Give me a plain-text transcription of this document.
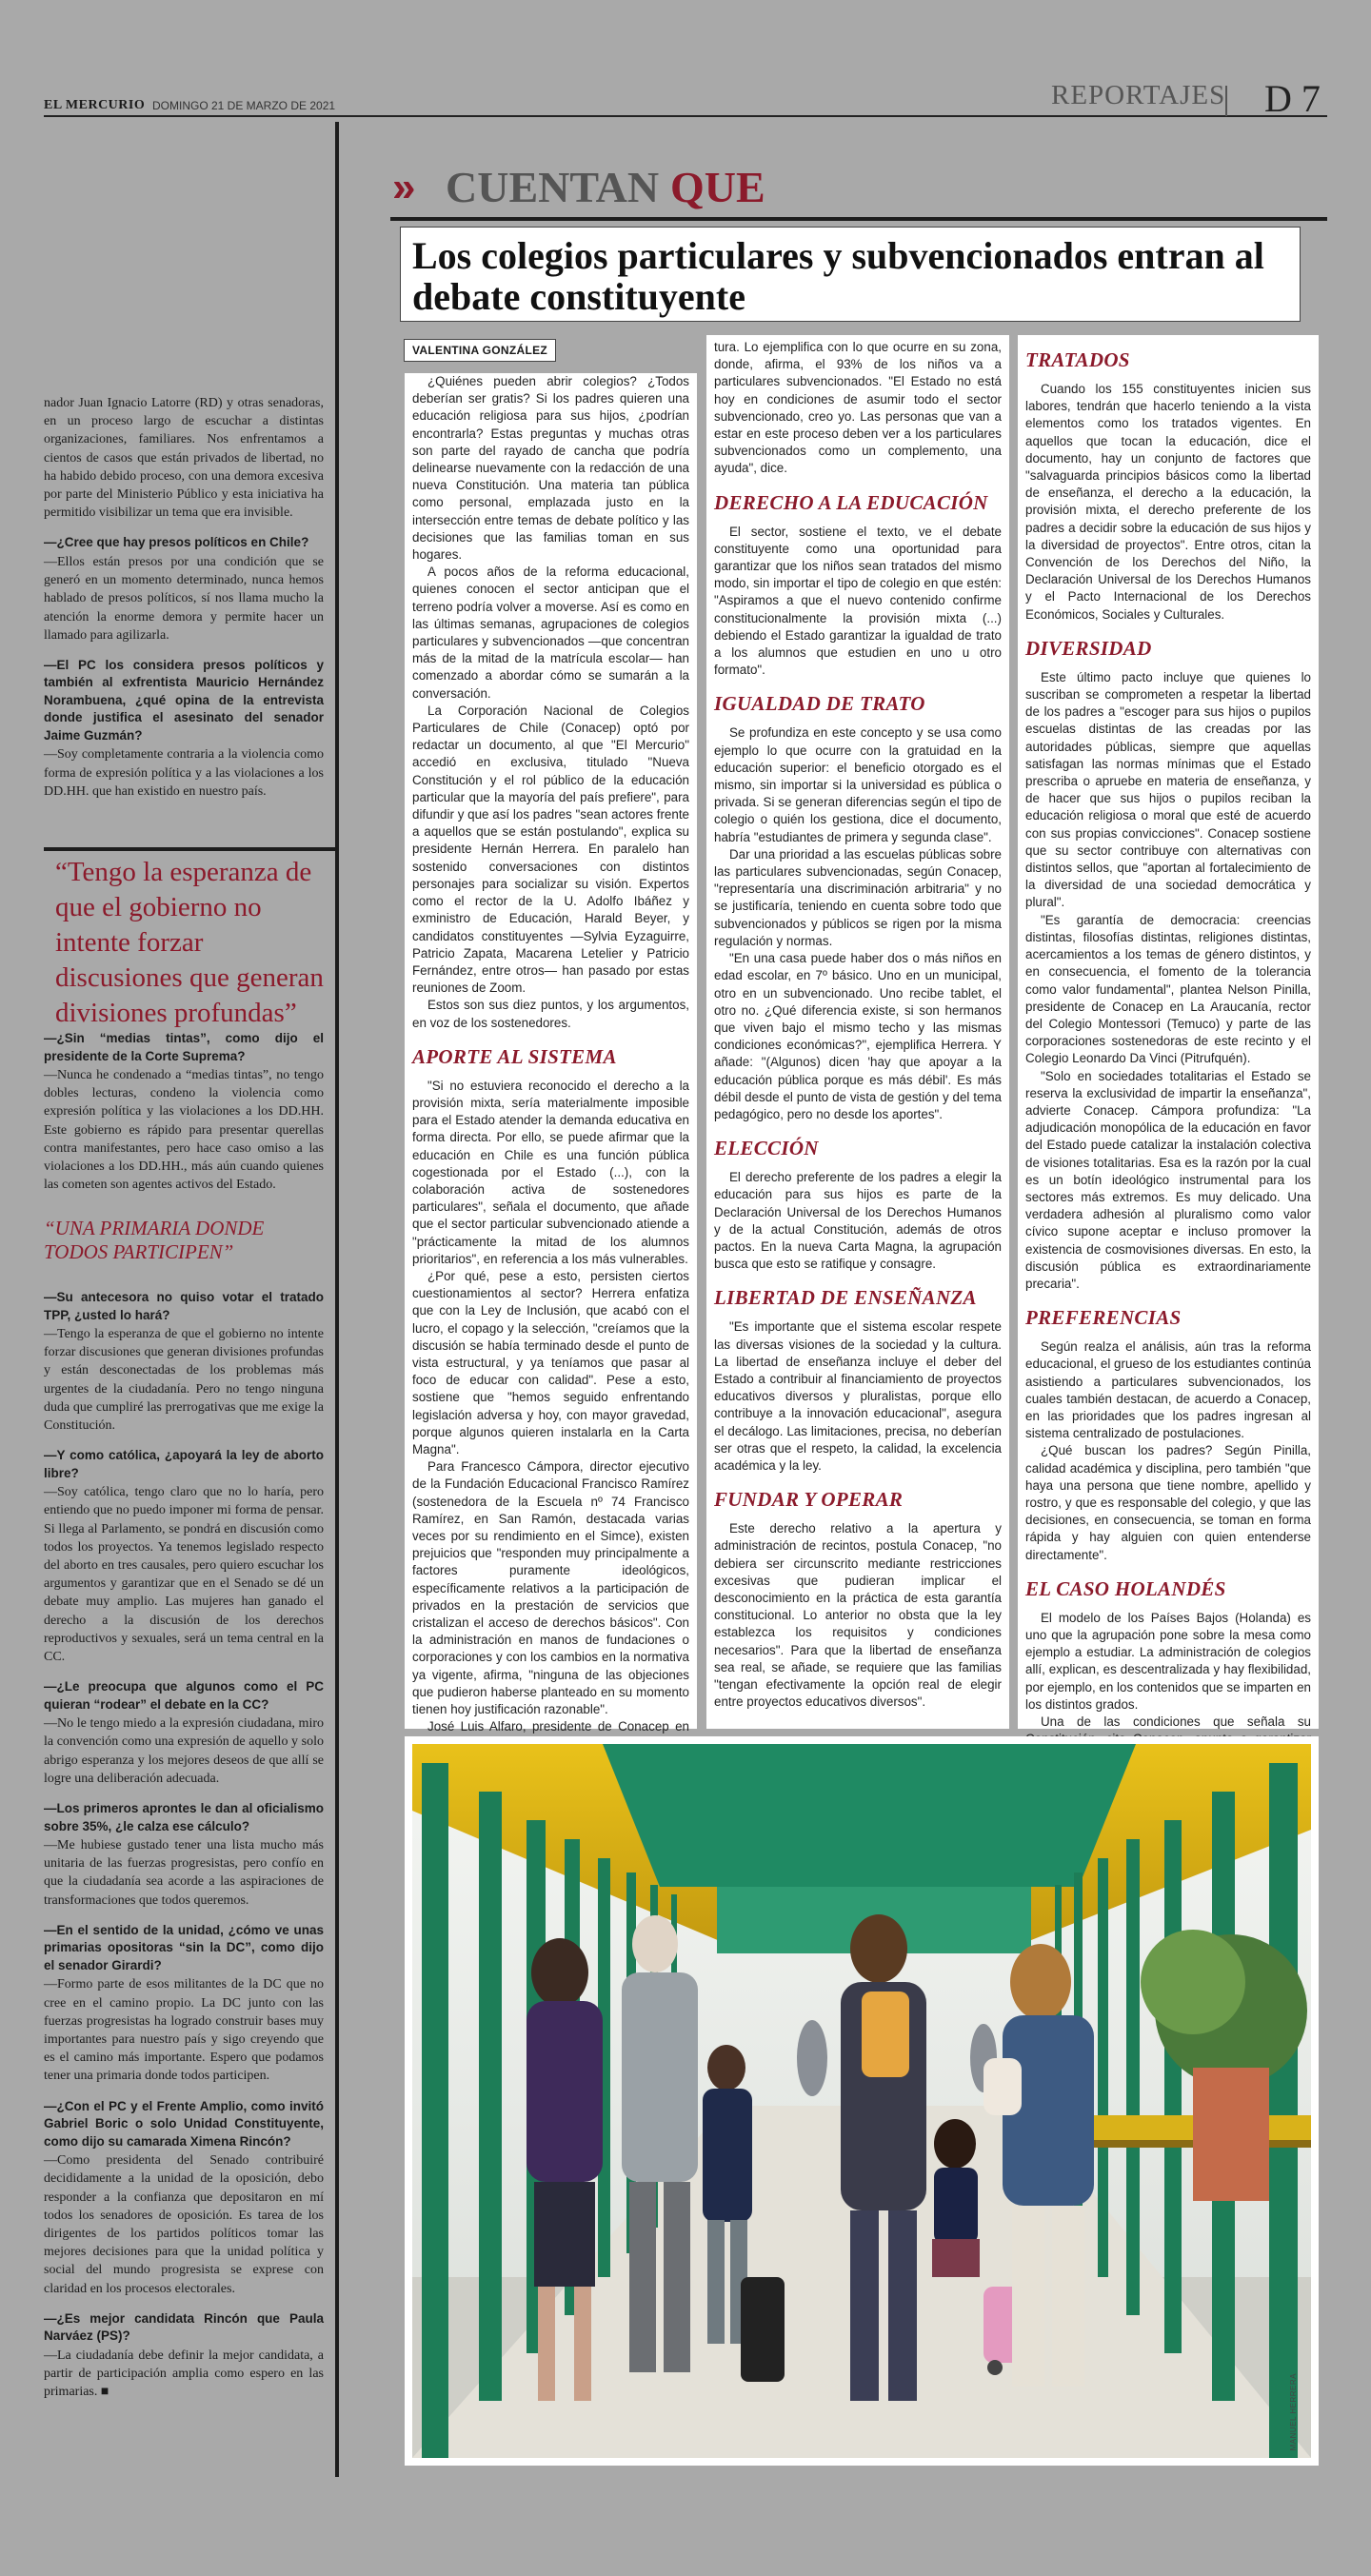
EL MERCURIO DOMINGO 21 DE MARZO DE 2021	REPORTAJES D 7

nador Juan Ignacio Latorre (RD) y otras senadoras, en un proceso largo de escuchar a distintas organizaciones, familiares. Nos enfrentamos a cientos de casos que están privados de libertad, no ha habido debido proceso, con una demora excesiva por parte del Ministerio Público y esta iniciativa ha permitido visibilizar un tema que era invisible.

—¿Cree que hay presos políticos en Chile?

—Ellos están presos por una condición que se generó en un momento determinado, nunca hemos hablado de presos políticos, sí nos llama mucho la atención la enorme demora y permite hacer un llamado para agilizarla.

—El PC los considera presos políticos y también al exfrentista Mauricio Hernández Norambuena, ¿qué opina de la entrevista donde justifica el asesinato del senador Jaime Guzmán?

—Soy completamente contraria a la violencia como forma de expresión política y a las violaciones a los DD.HH. que han existido en nuestro país.

“Tengo la esperanza de que el gobierno no intente forzar discusiones que generan divisiones profundas”

—¿Sin “medias tintas”, como dijo el presidente de la Corte Suprema?

—Nunca he condenado a “medias tintas”, no tengo dobles lecturas, condeno la violencia como expresión política y las violaciones a los DD.HH. Este gobierno es rápido para presentar querellas contra manifestantes, pero hace caso omiso a las violaciones a los DD.HH., más aún cuando quienes las cometen son agentes activos del Estado.

“UNA PRIMARIA DONDE TODOS PARTICIPEN”

—Su antecesora no quiso votar el tratado TPP, ¿usted lo hará?

—Tengo la esperanza de que el gobierno no intente forzar discusiones que generan divisiones profundas y están desconectadas de los problemas más urgentes de la ciudadanía. Pero no tengo ninguna duda que cumpliré las prerrogativas que me exige la Constitución.

—Y como católica, ¿apoyará la ley de aborto libre?

—Soy católica, tengo claro que no lo haría, pero entiendo que no puedo imponer mi forma de pensar. Si llega al Parlamento, se pondrá en discusión como todos los proyectos. Ya tenemos legislado respecto del aborto en tres causales, pero quiero escuchar los argumentos y garantizar que en el Senado se dé un debate muy amplio. Las mujeres han ganado el derecho a la discusión de los derechos reproductivos y sexuales, será un tema central en la CC.

—¿Le preocupa que algunos como el PC quieran “rodear” el debate en la CC?

—No le tengo miedo a la expresión ciudadana, miro la convención como una expresión de aquello y solo abrigo esperanza y los mejores deseos de que allí se logre una deliberación adecuada.

—Los primeros aprontes le dan al oficialismo sobre 35%, ¿le calza ese cálculo?

—Me hubiese gustado tener una lista mucho más unitaria de las fuerzas progresistas, pero confío en que la ciudadanía sea acorde a las aspiraciones de transformaciones que todos queremos.

—En el sentido de la unidad, ¿cómo ve unas primarias opositoras “sin la DC”, como dijo el senador Girardi?

—Formo parte de esos militantes de la DC que no cree en el camino propio. La DC junto con las fuerzas progresistas ha logrado construir bases muy importantes para nuestro país y sigo creyendo que es el camino más importante. Espero que podamos tener una primaria donde todos participen.

—¿Con el PC y el Frente Amplio, como invitó Gabriel Boric o solo Unidad Constituyente, como dijo su camarada Ximena Rincón?

—Como presidenta del Senado contribuiré decididamente a la unidad de la oposición, debo responder a la confianza que depositaron en mí todos los senadores de oposición. Es tarea de los dirigentes de los partidos políticos tomar las mejores decisiones para que la unidad política y social del mundo progresista se exprese con claridad en los procesos electorales.

—¿Es mejor candidata Rincón que Paula Narváez (PS)?

—La ciudadanía debe definir la mejor candidata, a partir de participación amplia como espero en las primarias. ■

» CUENTAN QUE
Los colegios particulares y subvencionados entran al debate constituyente
VALENTINA GONZÁLEZ

¿Quiénes pueden abrir colegios? ¿Todos deberían ser gratis? Si los padres quieren una educación religiosa para sus hijos, ¿podrían encontrarla? Estas preguntas y muchas otras son parte del rayado de cancha que podría delinearse nuevamente con la redacción de una nueva Constitución. Una materia tan pública como personal, emplazada justo en la intersección entre temas de debate político y las decisiones que las familias toman en sus hogares.

A pocos años de la reforma educacional, quienes conocen el sector anticipan que el terreno podría volver a moverse. Así es como en las últimas semanas, agrupaciones de colegios particulares y subvencionados —que concentran más de la mitad de la matrícula escolar— han comenzado a abordar cómo se sumarán a la conversación.

La Corporación Nacional de Colegios Particulares de Chile (Conacep) optó por redactar un documento, al que "El Mercurio" accedió en exclusiva, titulado "Nueva Constitución y el rol público de la educación particular que la mayoría del país prefiere", para difundir y que así los padres "sean actores frente a aquellos que se están postulando", explica su presidente Hernán Herrera. En paralelo han sostenido conversaciones con distintos personajes para socializar su visión. Expertos como el rector de la U. Adolfo Ibáñez y exministro de Educación, Harald Beyer, y candidatos constituyentes —Sylvia Eyzaguirre, Patricio Zapata, Macarena Letelier y Patricio Fernández, entre otros— han pasado por estas reuniones de Zoom.

Estos son sus diez puntos, y los argumentos, en voz de los sostenedores.

APORTE AL SISTEMA

"Si no estuviera reconocido el derecho a la provisión mixta, sería materialmente imposible para el Estado atender la demanda educativa en forma directa. Por ello, se puede afirmar que la educación en Chile es una función pública cogestionada por el Estado (...), con la colaboración activa de sostenedores particulares", señala el documento, que añade que el sector particular subvencionado atiende a "prácticamente la mitad de los alumnos prioritarios", en referencia a los más vulnerables.

¿Por qué, pese a esto, persisten ciertos cuestionamientos al sector? Herrera enfatiza que con la Ley de Inclusión, que acabó con el lucro, el copago y la selección, "creíamos que la discusión se había terminado desde el punto de vista estructural, y ya teníamos que pasar al foco de educar con calidad". Pese a esto, sostiene que "hemos seguido enfrentando legislación adversa y hoy, con mayor gravedad, porque algunos quieren instalarla en la Carta Magna".

Para Francesco Cámpora, director ejecutivo de la Fundación Educacional Francisco Ramírez (sostenedora de la Escuela nº 74 Francisco Ramírez, en San Ramón, destacada varias veces por su rendimiento en el Simce), existen prejuicios que "responden muy principalmente a factores puramente ideológicos, específicamente relativos a la participación de privados en la prestación de servicios que cristalizan el acceso de derechos básicos". Con la administración en manos de fundaciones o corporaciones y con los cambios en la normativa ya vigente, afirma, "ninguna de las objeciones que pudieron haberse planteado en su momento tienen hoy justificación razonable".

José Luis Alfaro, presidente de Conacep en

tura. Lo ejemplifica con lo que ocurre en su zona, donde, afirma, el 93% de los niños va a particulares subvencionados. "El Estado no está hoy en condiciones de asumir todo el sector subvencionado, creo yo. Las personas que van a estar en este proceso deben ver a los particulares subvencionados como un complemento, una ayuda", dice.

DERECHO A LA EDUCACIÓN

El sector, sostiene el texto, ve el debate constituyente como una oportunidad para garantizar que los niños sean tratados del mismo modo, sin importar el tipo de colegio en que estén: "Aspiramos a que el nuevo contenido confirme constitucionalmente la provisión mixta (...) debiendo el Estado garantizar la igualdad de trato a los alumnos que estudien en uno u otro formato".

IGUALDAD DE TRATO

Se profundiza en este concepto y se usa como ejemplo lo que ocurre con la gratuidad en la educación superior: el beneficio otorgado es el mismo, sin importar si la universidad es pública o privada. Si se generan diferencias según el tipo de colegio o quién los gestiona, dice el documento, habría "estudiantes de primera y segunda clase".

Dar una prioridad a las escuelas públicas sobre las particulares subvencionadas, según Conacep, "representaría una discriminación arbitraria" y no se justificaría, teniendo en cuenta sobre todo que subvencionados y públicos se rigen por la misma regulación y normas.

"En una casa puede haber dos o más niños en edad escolar, en 7º básico. Uno en un municipal, otro en un subvencionado. Uno recibe tablet, el otro no. ¿Qué diferencia existe, si son hermanos que viven bajo el mismo techo y las mismas condiciones económicas?", ejemplifica Herrera. Y añade: "(Algunos) dicen 'hay que apoyar a la educación pública porque es más débil'. Es más débil desde el punto de vista de gestión y del tema pedagógico, pero no desde los aportes".

ELECCIÓN

El derecho preferente de los padres a elegir la educación para sus hijos es parte de la Declaración Universal de los Derechos Humanos y de la actual Constitución, además de otros pactos. En la nueva Carta Magna, la agrupación busca que esto se ratifique y consagre.

LIBERTAD DE ENSEÑANZA

"Es importante que el sistema escolar respete las diversas visiones de la sociedad y la cultura. La libertad de enseñanza incluye el deber del Estado a contribuir al financiamiento de proyectos educativos diversos y pluralistas, porque ello contribuye a la innovación educacional", asegura el decálogo. Las limitaciones, precisa, no deberían ser otras que el respeto, la calidad, la excelencia académica y la ley.

FUNDAR Y OPERAR

Este derecho relativo a la apertura y administración de recintos, postula Conacep, "no debiera ser circunscrito mediante restricciones excesivas que pudieran implicar el desconocimiento en la práctica de esta garantía constitucional. Lo anterior no obsta que la ley establezca los requisitos y condiciones necesarios". Para que la libertad de enseñanza sea real, se añade, se requiere que las familias "tengan efectivamente la opción real de elegir entre proyectos educativos diversos".

TRATADOS

Cuando los 155 constituyentes inicien sus labores, tendrán que hacerlo teniendo a la vista elementos como los tratados vigentes. En aquellos que tocan la educación, dice el documento, hay un conjunto de factores que "salvaguarda principios básicos como la libertad de enseñanza, el derecho a la educación, la provisión mixta, el derecho preferente de los padres a decidir sobre la educación de sus hijos y la diversidad de proyectos". Entre otros, citan la Convención de los Derechos del Niño, la Declaración Universal de los Derechos Humanos y el Pacto Internacional de los Derechos Económicos, Sociales y Culturales.

DIVERSIDAD

Este último pacto incluye que quienes lo suscriban se comprometen a respetar la libertad de los padres a "escoger para sus hijos o pupilos escuelas distintas de las creadas por las autoridades públicas, siempre que aquellas satisfagan las normas mínimas que el Estado prescriba o apruebe en materia de enseñanza, y de hacer que sus hijos o pupilos reciban la educación religiosa o moral que esté de acuerdo con sus propias convicciones". Conacep sostiene que su sector contribuye con alternativas con distintos sellos, que "aportan al fortalecimiento de la diversidad de una sociedad democrática y plural".

"Es garantía de democracia: creencias distintas, filosofías distintas, religiones distintas, acercamientos a los temas de género distintos, y en consecuencia, el fomento de la tolerancia como valor fundamental", plantea Nelson Pinilla, presidente de Conacep en La Araucanía, rector del Colegio Montessori (Temuco) y parte de las corporaciones sostenedoras de este recinto y el Colegio Leonardo Da Vinci (Pitrufquén).

"Solo en sociedades totalitarias el Estado se reserva la exclusividad de impartir la enseñanza", advierte Conacep. Cámpora profundiza: "La adjudicación monopólica de la educación en favor del Estado puede catalizar la instalación colectiva de visiones totalitarias. Esa es la razón por la cual es un botín ideológico instrumental para los sectores más extremos. Es muy delicado. Una verdadera adhesión al pluralismo como valor cívico supone aceptar e incluso promover la existencia de cosmovisiones diversas. En esto, la discusión pública es extraordinariamente precaria".

PREFERENCIAS

Según realza el análisis, aún tras la reforma educacional, el grueso de los estudiantes continúa asistiendo a particulares subvencionados, los cuales también destacan, de acuerdo a Conacep, en las prioridades que los padres ingresan al sistema centralizado de postulaciones.

¿Qué buscan los padres? Según Pinilla, calidad académica y disciplina, pero también "que haya una persona que tiene nombre, apellido y rostro, y que es responsable del colegio, y que las decisiones, en consecuencia, se toman en forma rápida y hay alguien con quien entenderse directamente".

EL CASO HOLANDÉS

El modelo de los Países Bajos (Holanda) es uno que la agrupación pone sobre la mesa como ejemplo a estudiar. La administración de colegios allí, explican, es descentralizada y hay flexibilidad, por ejemplo, en los contenidos que se imparten en los distintos grados.

Una de las condiciones que señala su

MANUEL HERRERA
